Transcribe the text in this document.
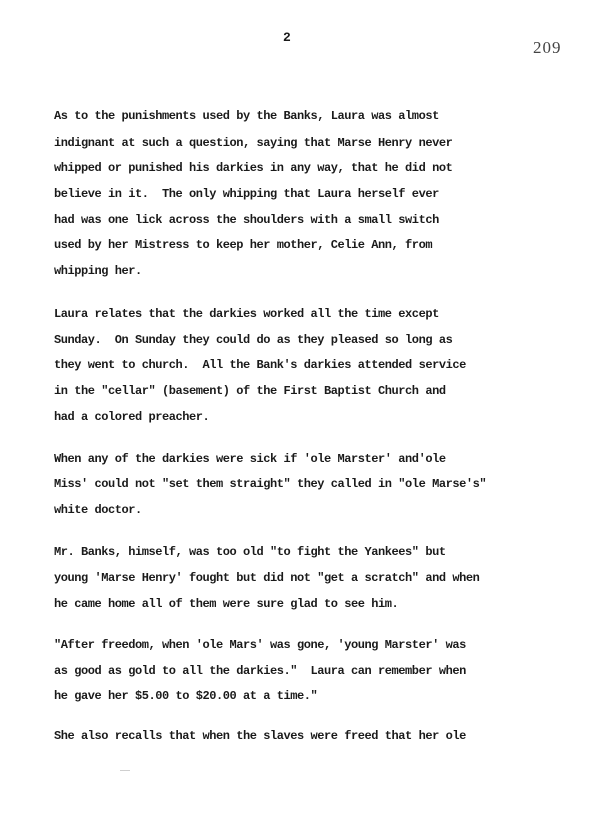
2
209
As to the punishments used by the Banks, Laura was almost
indignant at such a question, saying that Marse Henry never
whipped or punished his darkies in any way, that he did not
believe in it.  The only whipping that Laura herself ever
had was one lick across the shoulders with a small switch
used by her Mistress to keep her mother, Celie Ann, from
whipping her.
Laura relates that the darkies worked all the time except
Sunday.  On Sunday they could do as they pleased so long as
they went to church.  All the Bank's darkies attended service
in the "cellar" (basement) of the First Baptist Church and
had a colored preacher.
When any of the darkies were sick if 'ole Marster' and'ole
Miss' could not "set them straight" they called in "ole Marse's"
white doctor.
Mr. Banks, himself, was too old "to fight the Yankees" but
young 'Marse Henry' fought but did not "get a scratch" and when
he came home all of them were sure glad to see him.
"After freedom, when 'ole Mars' was gone, 'young Marster' was
as good as gold to all the darkies."  Laura can remember when
he gave her $5.00 to $20.00 at a time."
She also recalls that when the slaves were freed that her ole
